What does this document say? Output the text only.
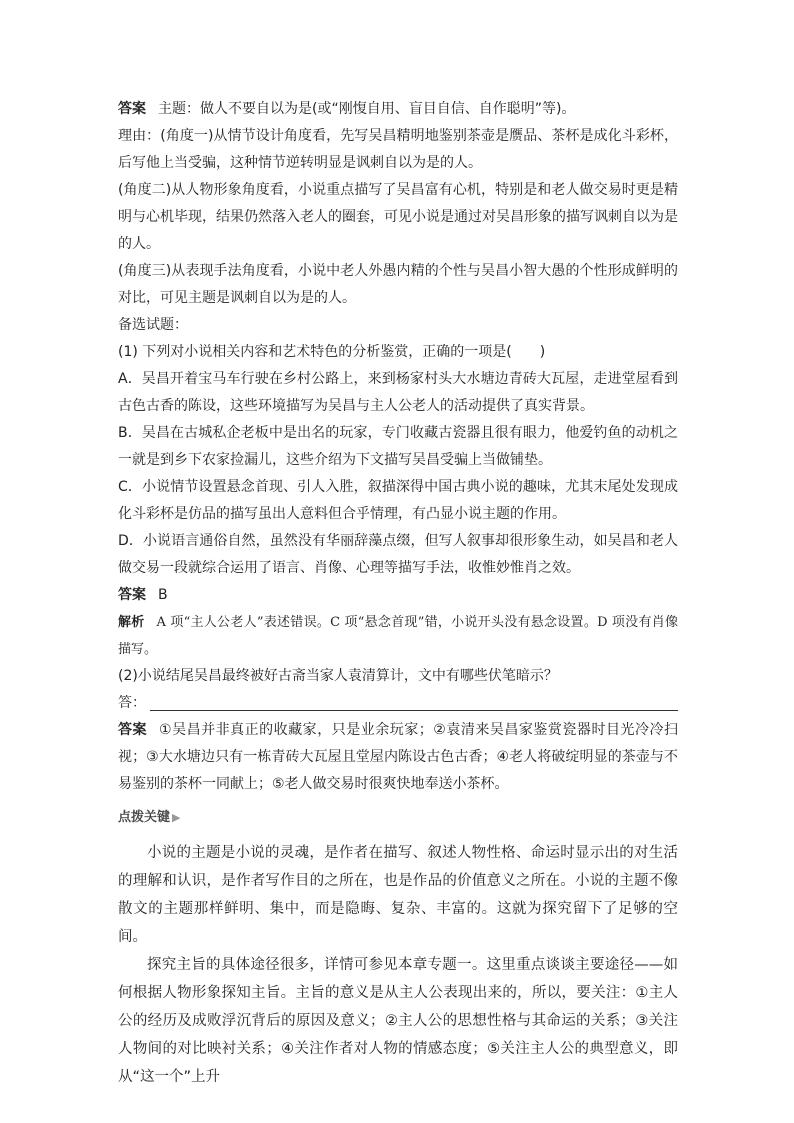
答案 主题：做人不要自以为是(或“刚愎自用、盲目自信、自作聪明”等)。

理由：(角度一)从情节设计角度看，先写吴昌精明地鉴别茶壶是赝品、茶杯是成化斗彩杯，后写他上当受骗，这种情节逆转明显是讽刺自以为是的人。

(角度二)从人物形象角度看，小说重点描写了吴昌富有心机，特别是和老人做交易时更是精明与心机毕现，结果仍然落入老人的圈套，可见小说是通过对吴昌形象的描写讽刺自以为是的人。

(角度三)从表现手法角度看，小说中老人外愚内精的个性与吴昌小智大愚的个性形成鲜明的对比，可见主题是讽刺自以为是的人。

备选试题：

(1) 下列对小说相关内容和艺术特色的分析鉴赏，正确的一项是(　　)

A．吴昌开着宝马车行驶在乡村公路上，来到杨家村头大水塘边青砖大瓦屋，走进堂屋看到古色古香的陈设，这些环境描写为吴昌与主人公老人的活动提供了真实背景。

B．吴昌在古城私企老板中是出名的玩家，专门收藏古瓷器且很有眼力，他爱钓鱼的动机之一就是到乡下农家捡漏儿，这些介绍为下文描写吴昌受骗上当做铺垫。

C．小说情节设置悬念首现、引人入胜，叙描深得中国古典小说的趣味，尤其末尾处发现成化斗彩杯是仿品的描写虽出人意料但合乎情理，有凸显小说主题的作用。

D．小说语言通俗自然，虽然没有华丽辞藻点缀，但写人叙事却很形象生动，如吴昌和老人做交易一段就综合运用了语言、肖像、心理等描写手法，收惟妙惟肖之效。

答案 B

解析 A 项“主人公老人”表述错误。C 项“悬念首现”错，小说开头没有悬念设置。D 项没有肖像描写。

(2)小说结尾吴昌最终被好古斋当家人袁清算计，文中有哪些伏笔暗示？

答：

答案 ①吴昌并非真正的收藏家，只是业余玩家；②袁清来吴昌家鉴赏瓷器时目光冷冷扫视；③大水塘边只有一栋青砖大瓦屋且堂屋内陈设古色古香；④老人将破绽明显的茶壶与不易鉴别的茶杯一同献上；⑤老人做交易时很爽快地奉送小茶杯。

点拨关键 ▶

小说的主题是小说的灵魂，是作者在描写、叙述人物性格、命运时显示出的对生活的理解和认识，是作者写作目的之所在，也是作品的价值意义之所在。小说的主题不像散文的主题那样鲜明、集中，而是隐晦、复杂、丰富的。这就为探究留下了足够的空间。

探究主旨的具体途径很多，详情可参见本章专题一。这里重点谈谈主要途径——如何根据人物形象探知主旨。主旨的意义是从主人公表现出来的，所以，要关注：①主人公的经历及成败浮沉背后的原因及意义；②主人公的思想性格与其命运的关系；③关注人物间的对比映衬关系；④关注作者对人物的情感态度；⑤关注主人公的典型意义，即从“这一个”上升
